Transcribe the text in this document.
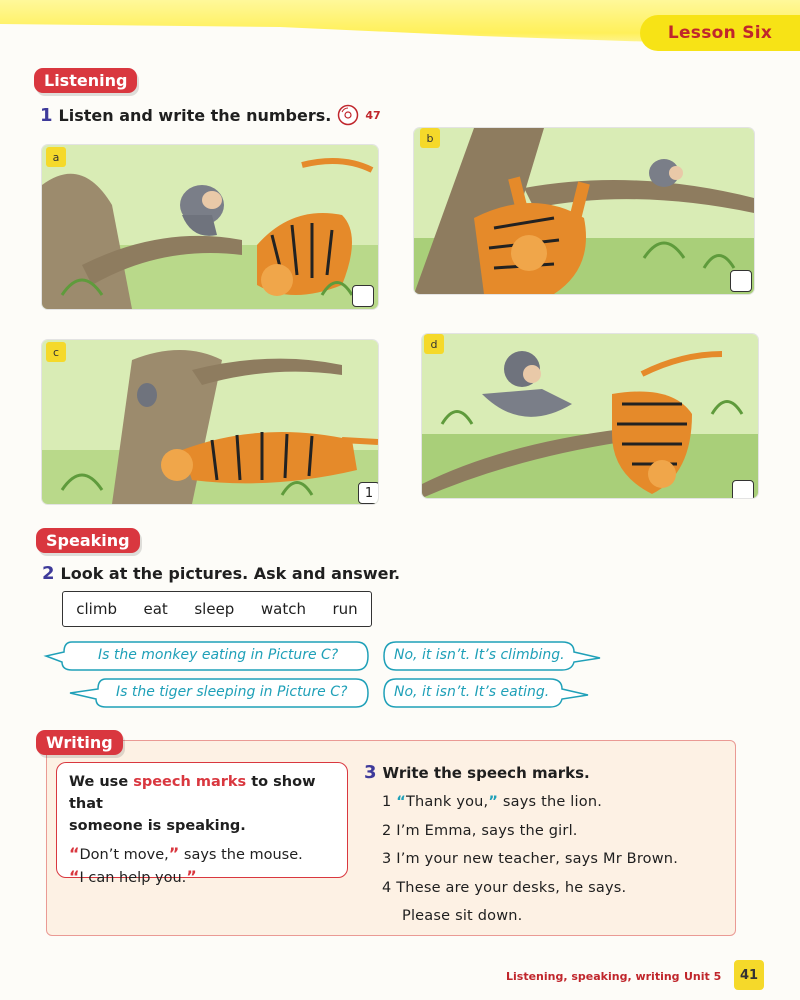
Lesson Six
Listening
1 Listen and write the numbers.	47
a
b
c
1
d
Speaking
2 Look at the pictures. Ask and answer.
climb eat sleep watch run
Is the monkey eating in Picture C?	No, it isn’t. It’s climbing.
Is the tiger sleeping in Picture C?	No, it isn’t. It’s eating.
Writing
We use speech marks to show that
someone is speaking.
“Don’t move,” says the mouse.
“I can help you.”
3 Write the speech marks.
1 “Thank you,” says the lion.
2 I’m Emma, says the girl.
3 I’m your new teacher, says Mr Brown.
4 These are your desks, he says.
Please sit down.
Listening, speaking, writing Unit 5	41
